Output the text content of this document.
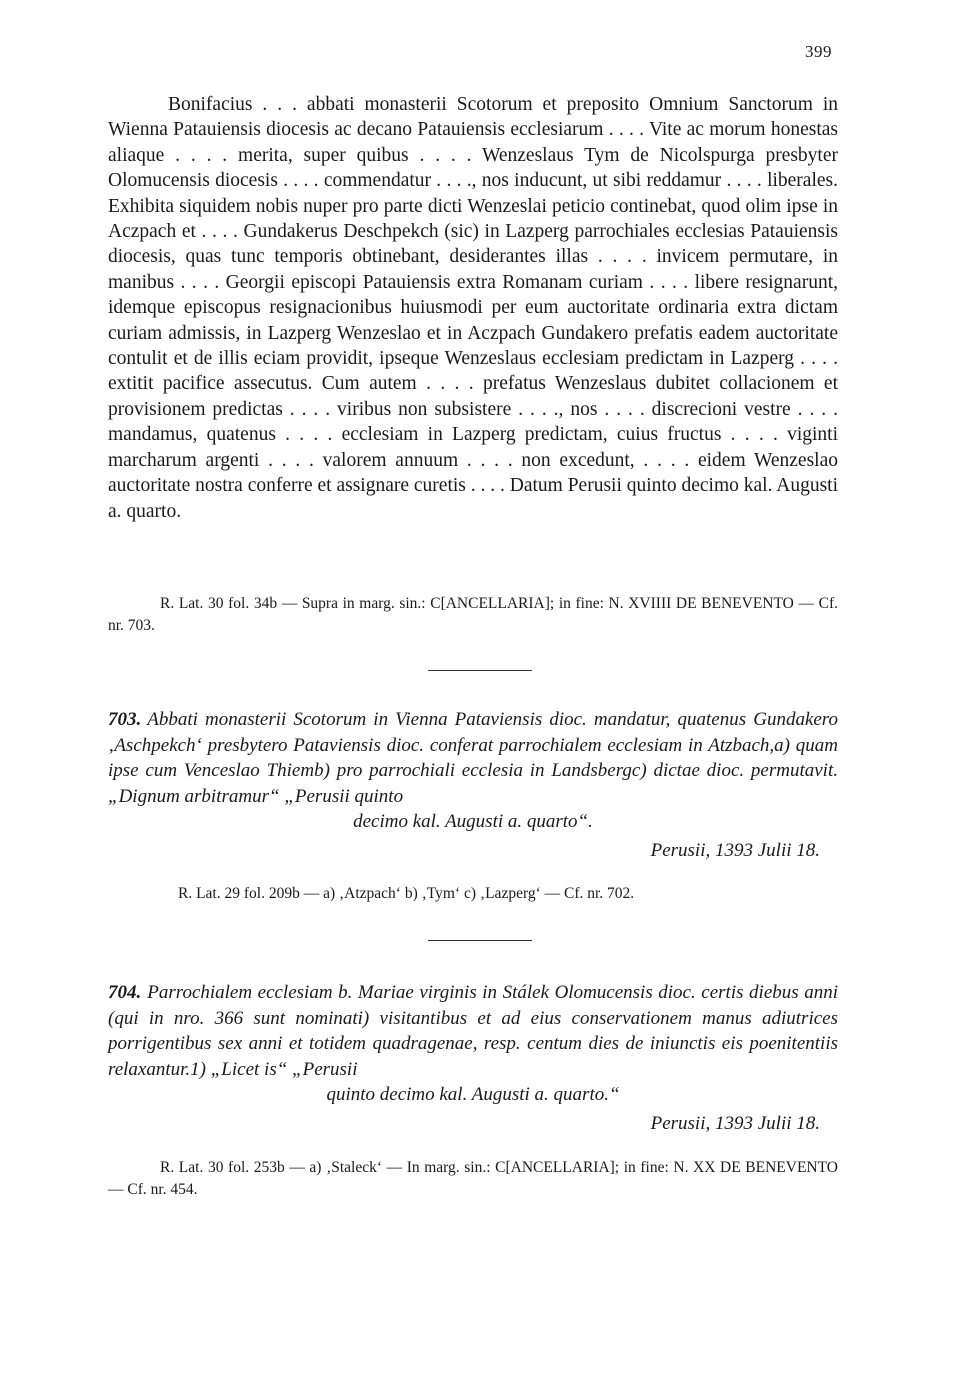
399

Bonifacius . . . abbati monasterii Scotorum et preposito Omnium Sanctorum in Wienna Patauiensis diocesis ac decano Patauiensis ecclesiarum . . . . Vite ac morum honestas aliaque . . . . merita, super quibus . . . . Wenzeslaus Tym de Nicolspurga presbyter Olomucensis diocesis . . . . commendatur . . . ., nos inducunt, ut sibi reddamur . . . . liberales. Exhibita siquidem nobis nuper pro parte dicti Wenzeslai peticio continebat, quod olim ipse in Aczpach et . . . . Gundakerus Deschpekch (sic) in Lazperg parrochiales ecclesias Patauiensis diocesis, quas tunc temporis obtinebant, desiderantes illas . . . . invicem permutare, in manibus . . . . Georgii episcopi Patauiensis extra Romanam curiam . . . . libere resignarunt, idemque episcopus resignacionibus huiusmodi per eum auctoritate ordinaria extra dictam curiam admissis, in Lazperg Wenzeslao et in Aczpach Gundakero prefatis eadem auctoritate contulit et de illis eciam providit, ipseque Wenzeslaus ecclesiam predictam in Lazperg . . . . extitit pacifice assecutus. Cum autem . . . . prefatus Wenzeslaus dubitet collacionem et provisionem predictas . . . . viribus non subsistere . . . ., nos . . . . discrecioni vestre . . . . mandamus, quatenus . . . . ecclesiam in Lazperg predictam, cuius fructus . . . . viginti marcharum argenti . . . . valorem annuum . . . . non excedunt, . . . . eidem Wenzeslao auctoritate nostra conferre et assignare curetis . . . . Datum Perusii quinto decimo kal. Augusti a. quarto.

R. Lat. 30 fol. 34b — Supra in marg. sin.: C[ANCELLARIA]; in fine: N. XVIIII DE BENEVENTO — Cf. nr. 703.

703. Abbati monasterii Scotorum in Vienna Pataviensis dioc. mandatur, quatenus Gundakero ‚Aschpekch‘ presbytero Pataviensis dioc. conferat parrochialem ecclesiam in Atzbach,a) quam ipse cum Venceslao Thiemb) pro parrochiali ecclesia in Landsbergc) dictae dioc. permutavit. „Dignum arbitramur“ „Perusii quinto
decimo kal. Augusti a. quarto“.
Perusii, 1393 Julii 18.

R. Lat. 29 fol. 209b — a) ‚Atzpach‘ b) ‚Tym‘ c) ‚Lazperg‘ — Cf. nr. 702.

704. Parrochialem ecclesiam b. Mariae virginis in Stálek Olomucensis dioc. certis diebus anni (qui in nro. 366 sunt nominati) visitantibus et ad eius conservationem manus adiutrices porrigentibus sex anni et totidem quadragenae, resp. centum dies de iniunctis eis poenitentiis relaxantur.1) „Licet is“ „Perusii
quinto decimo kal. Augusti a. quarto.“
Perusii, 1393 Julii 18.

R. Lat. 30 fol. 253b — a) ‚Staleck‘ — In marg. sin.: C[ANCELLARIA]; in fine: N. XX DE BENEVENTO — Cf. nr. 454.
